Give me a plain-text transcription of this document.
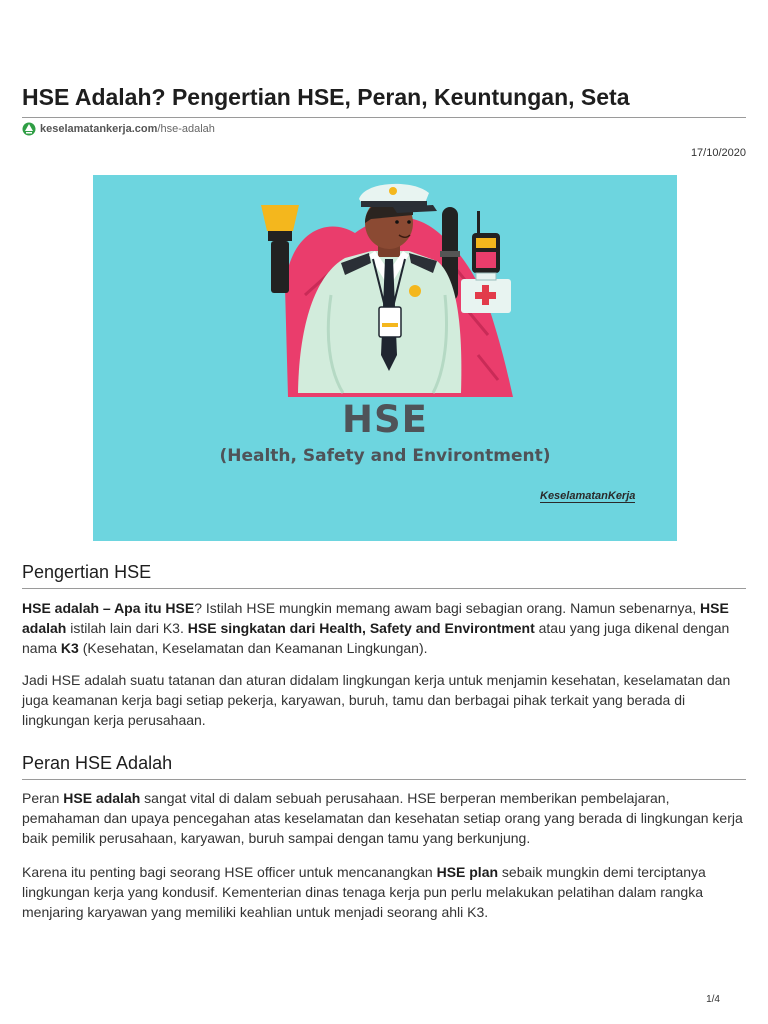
HSE Adalah? Pengertian HSE, Peran, Keuntungan, Seta
keselamatankerja.com /hse-adalah
17/10/2020
HSE
(Health, Safety and Environtment)
KeselamatanKerja
Pengertian HSE

HSE adalah – Apa itu HSE? Istilah HSE mungkin memang awam bagi sebagian orang. Namun sebenarnya, HSE adalah istilah lain dari K3. HSE singkatan dari Health, Safety and Environtment atau yang juga dikenal dengan nama K3 (Kesehatan, Keselamatan dan Keamanan Lingkungan).

Jadi HSE adalah suatu tatanan dan aturan didalam lingkungan kerja untuk menjamin kesehatan, keselamatan dan juga keamanan kerja bagi setiap pekerja, karyawan, buruh, tamu dan berbagai pihak terkait yang berada di lingkungan kerja perusahaan.

Peran HSE Adalah

Peran HSE adalah sangat vital di dalam sebuah perusahaan. HSE berperan memberikan pembelajaran, pemahaman dan upaya pencegahan atas keselamatan dan kesehatan setiap orang yang berada di lingkungan kerja baik pemilik perusahaan, karyawan, buruh sampai dengan tamu yang berkunjung.

Karena itu penting bagi seorang HSE officer untuk mencanangkan HSE plan sebaik mungkin demi terciptanya lingkungan kerja yang kondusif. Kementerian dinas tenaga kerja pun perlu melakukan pelatihan dalam rangka menjaring karyawan yang memiliki keahlian untuk menjadi seorang ahli K3.

1/4
